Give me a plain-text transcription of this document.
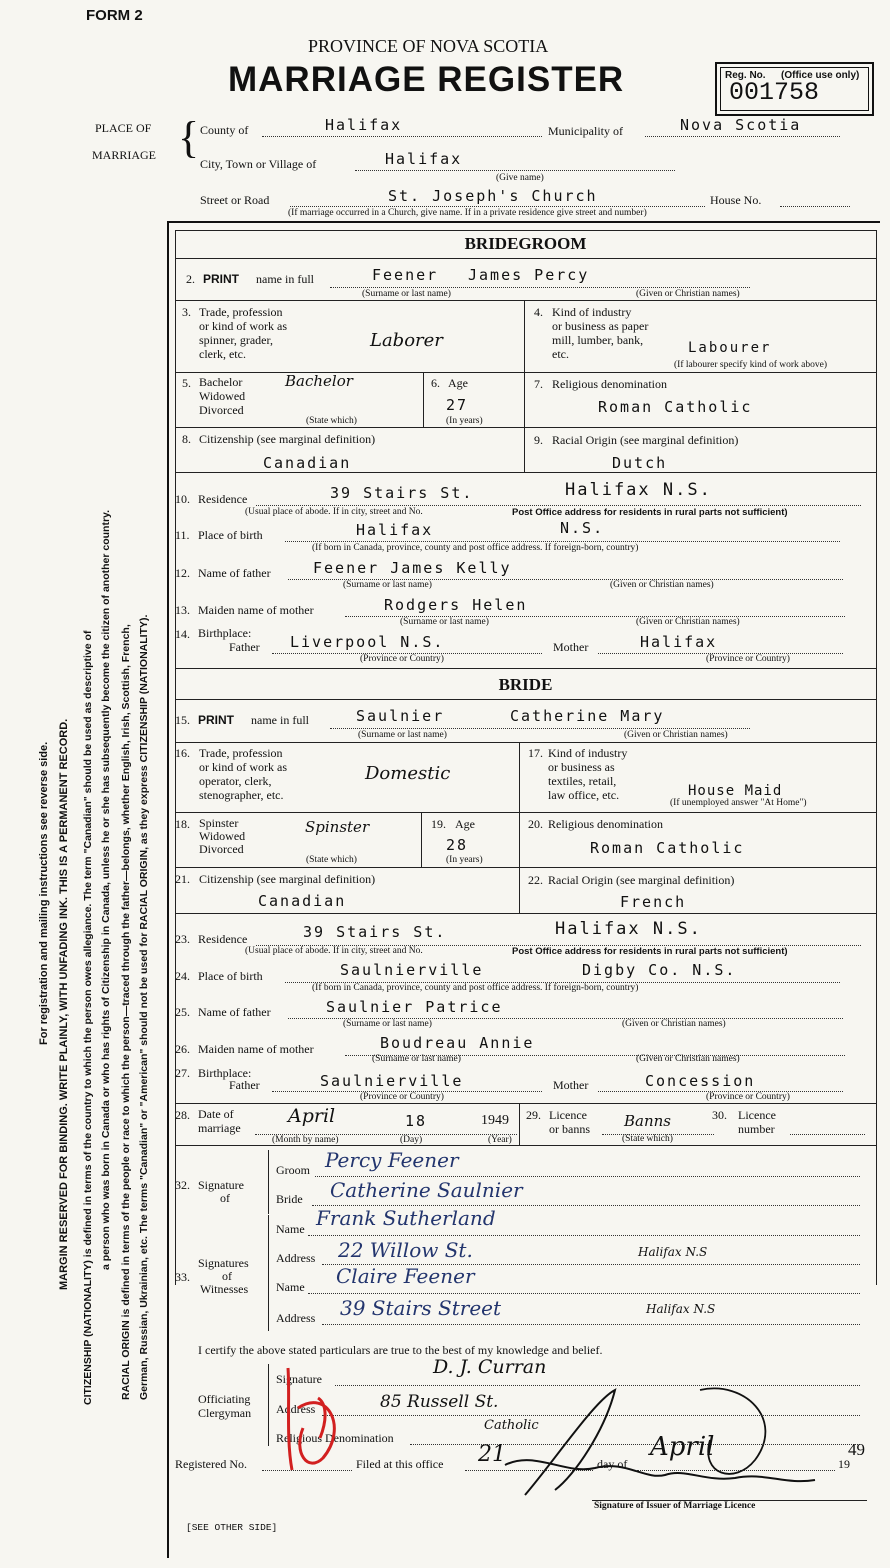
FORM 2
PROVINCE OF NOVA SCOTIA
MARRIAGE REGISTER	Reg. No. (Office use only)
001758
PLACE OF
MARRIAGE { County of	Halifax	Municipality of	Nova Scotia
City, Town or Village of	Halifax
(Give name)
Street or Road	St. Joseph's Church	House No.
(If marriage occurred in a Church, give name. If in a private residence give street and number)
For registration and mailing instructions see reverse side. MARGIN RESERVED FOR BINDING. WRITE PLAINLY, WITH UNFADING INK. THIS IS A PERMANENT RECORD. CITIZENSHIP (NATIONALITY) is defined in terms of the country to which the person owes allegiance. The term "Canadian" should be used as descriptive of a person who was born in Canada or who has rights of Citizenship in Canada, unless he or she has subsequently become the citizen of another country. RACIAL ORIGIN is defined in terms of the people or race to which the person—traced through the father—belongs, whether English, Irish, Scottish, French, German, Russian, Ukrainian, etc. The terms "Canadian" or "American" should not be used for RACIAL ORIGIN, as they express CITIZENSHIP (NATIONALITY).
BRIDEGROOM
2. PRINT name in full	Feener James Percy
(Surname or last name)	(Given or Christian names)
3. Trade, profession
or kind of work as
spinner, grader,
clerk, etc.
Laborer
4. Kind of industry
or business as paper
mill, lumber, bank,
etc.	Labourer
(If labourer specify kind of work above)
5. Bachelor
Widowed
Divorced
Bachelor
(State which)
6. Age
27
(In years)
7. Religious denomination
Roman Catholic
8. Citizenship (see marginal definition)
Canadian
9. Racial Origin (see marginal definition)
Dutch
10. Residence	39 Stairs St.	Halifax N.S.
(Usual place of abode. If in city, street and No.	Post Office address for residents in rural parts not sufficient)
11. Place of birth	Halifax	N.S.
(If born in Canada, province, county and post office address. If foreign-born, country)
12. Name of father	Feener James Kelly
(Surname or last name)	(Given or Christian names)
13. Maiden name of mother	Rodgers Helen
(Surname or last name)	(Given or Christian names)
14. Birthplace:
Father Liverpool N.S.	Mother	Halifax
(Province or Country)	(Province or Country)
BRIDE
15. PRINT name in full	Saulnier	Catherine Mary
(Surname or last name)	(Given or Christian names)
16. Trade, profession
or kind of work as
operator, clerk,
stenographer, etc.
Domestic
17. Kind of industry
or business as
textiles, retail,
law office, etc.	House Maid
(If unemployed answer "At Home")
18. Spinster
Widowed
Divorced
Spinster
(State which)
19. Age
28
(In years)
20. Religious denomination
Roman Catholic
21. Citizenship (see marginal definition)
Canadian
22. Racial Origin (see marginal definition)
French
23. Residence	39 Stairs St.	Halifax N.S.
(Usual place of abode. If in city, street and No.	Post Office address for residents in rural parts not sufficient)
24. Place of birth	Saulnierville	Digby Co. N.S.
(If born in Canada, province, county and post office address. If foreign-born, country)
25. Name of father	Saulnier Patrice
(Surname or last name)	(Given or Christian names)
26. Maiden name of mother	Boudreau Annie
(Surname or last name)	(Given or Christian names)
27. Birthplace:
Father	Saulnierville	Mother	Concession
(Province or Country)	(Province or Country)
28. Date of
marriage
April	18	1949
(Month by name)	(Day)	(Year)
29. Licence
or banns Banns
(State which)
30. Licence
number
32. Signature
of
Groom Percy Feener
Bride Catherine Saulnier
33.
Signatures
of
Witnesses
Name Frank Sutherland
Address 22 Willow St.	Halifax N.S
Name Claire Feener
Address 39 Stairs Street	Halifax N.S
I certify the above stated particulars are true to the best of my knowledge and belief.
Officiating
Clergyman
Signature
D. J. Curran
Address	85 Russell St.
Religious Denomination
Catholic
Registered No.	Filed at this office 21	day of
April
19
49
Signature of Issuer of Marriage Licence
[SEE OTHER SIDE]
